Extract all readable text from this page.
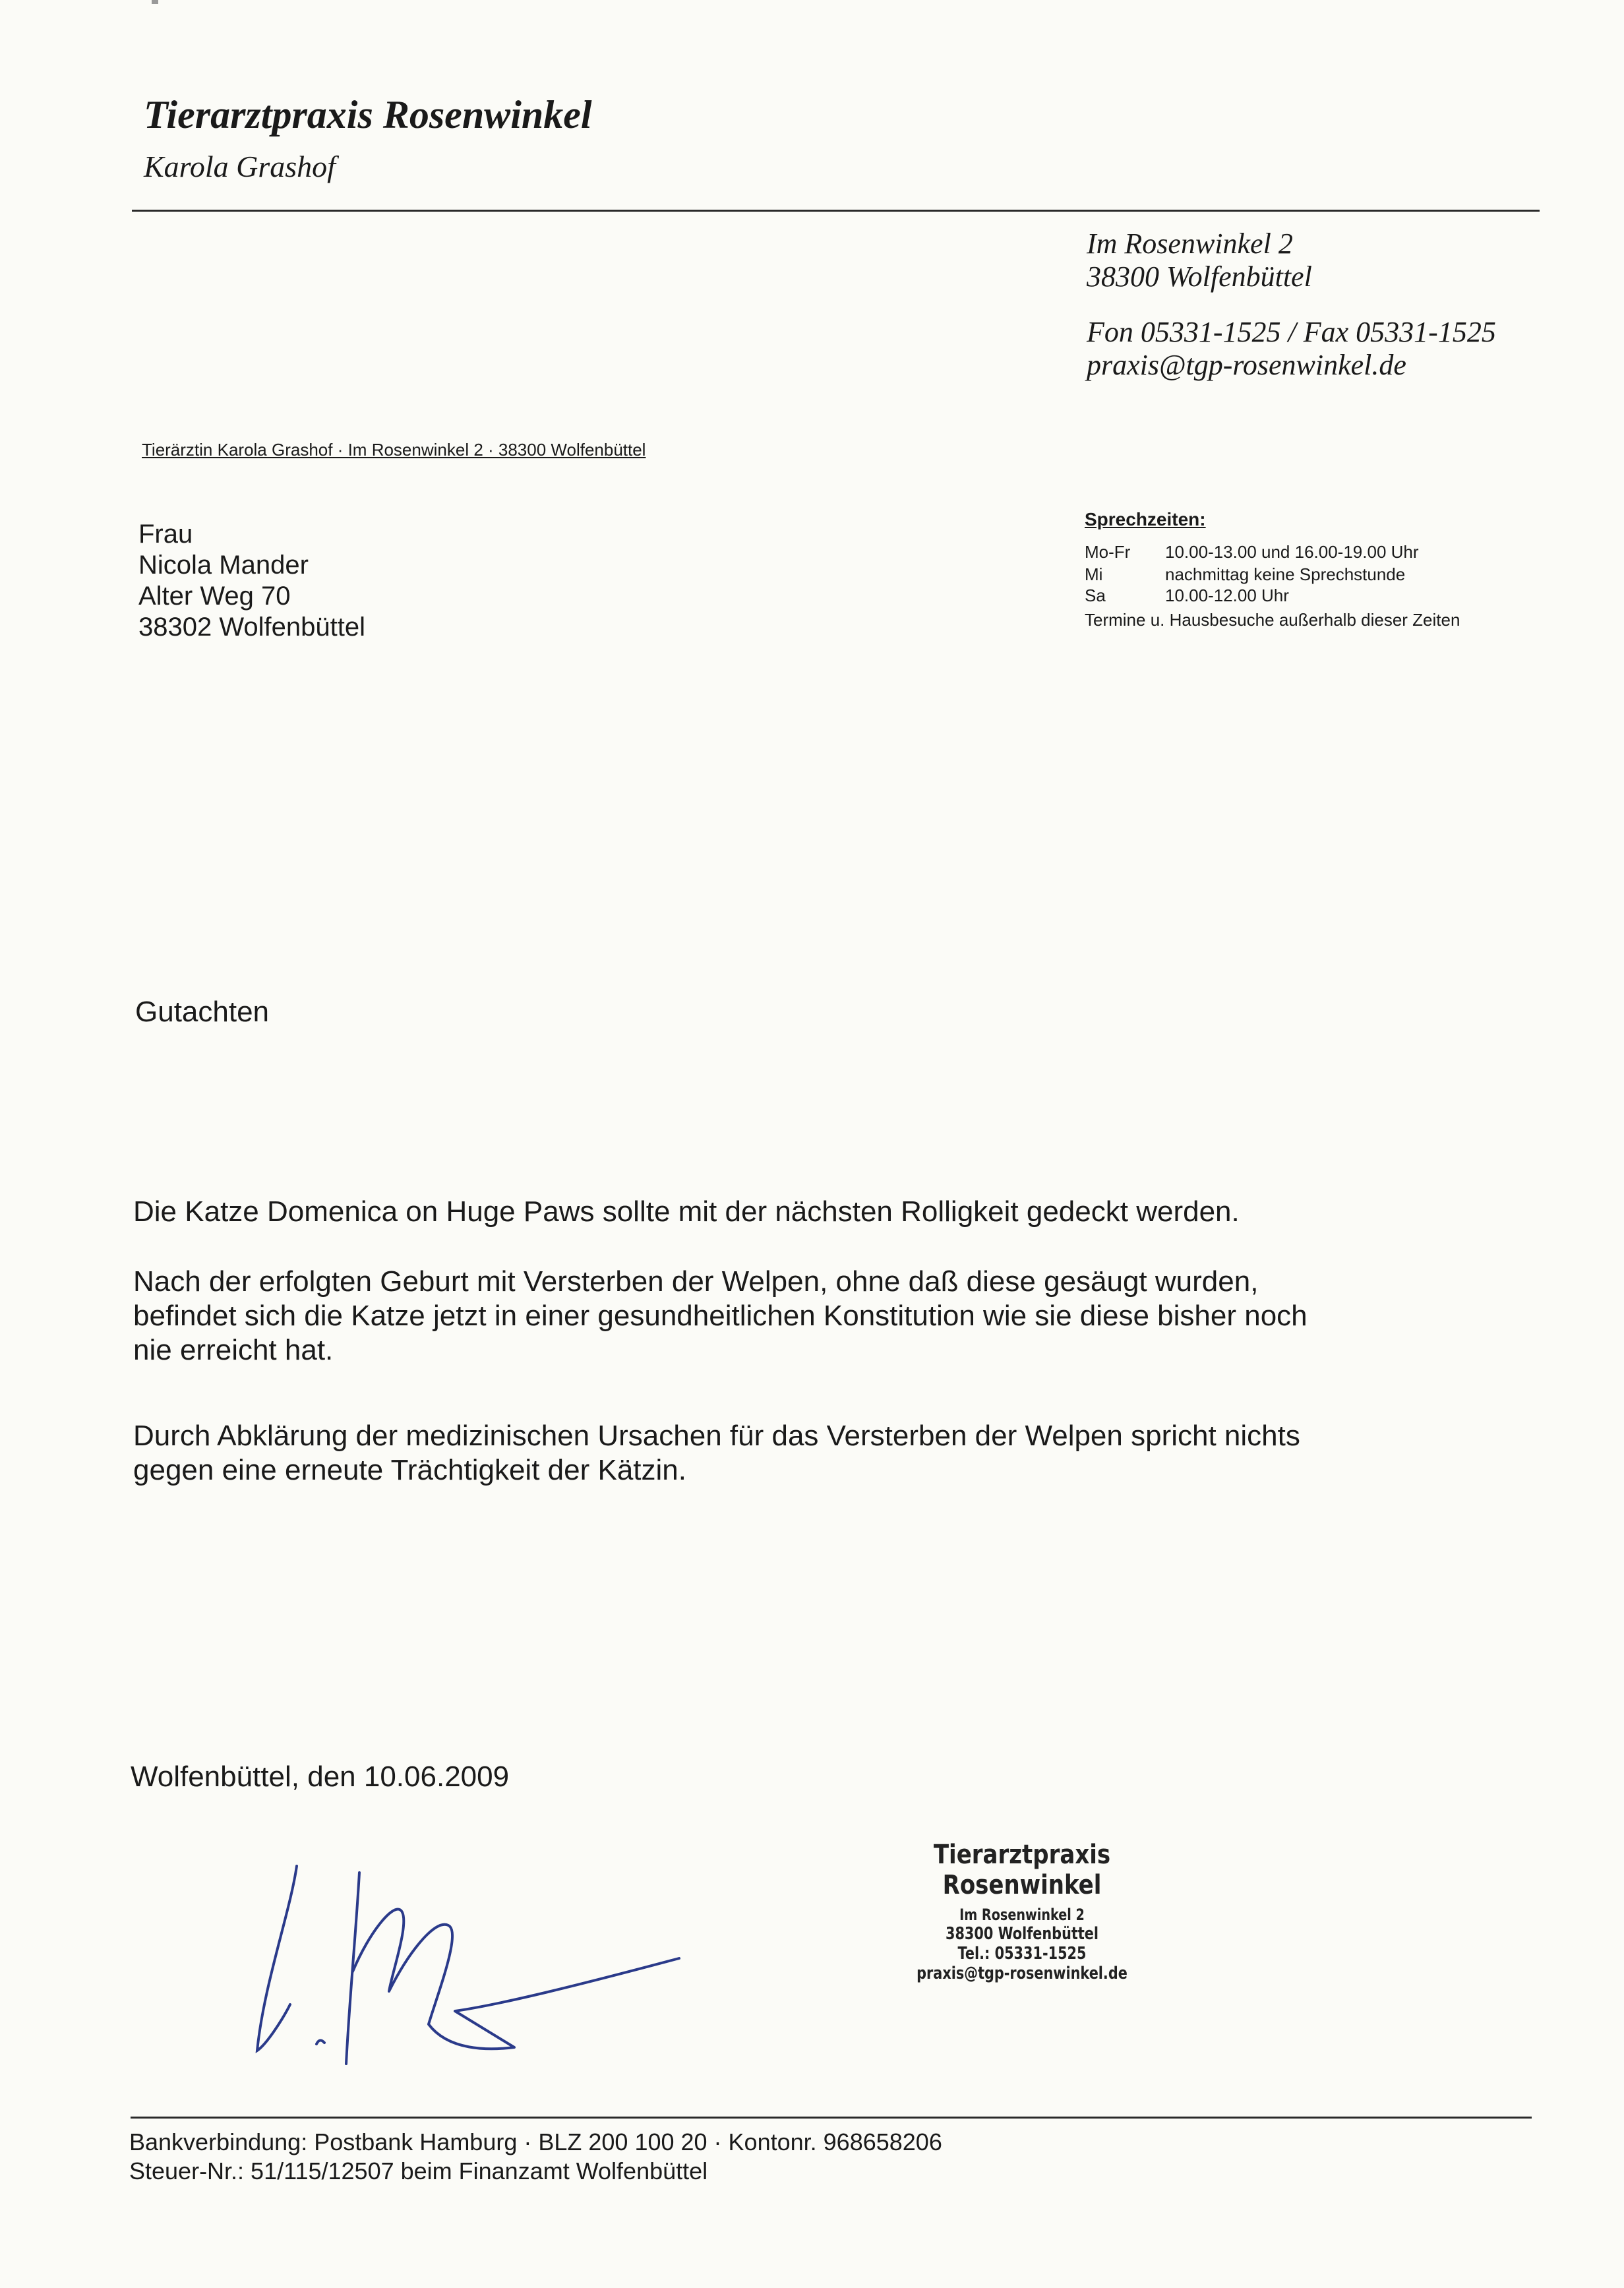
Tierarztpraxis Rosenwinkel
Karola Grashof
Im Rosenwinkel 2
38300 Wolfenbüttel
Fon 05331-1525 / Fax 05331-1525
praxis@tgp-rosenwinkel.de
Tierärztin Karola Grashof · Im Rosenwinkel 2 · 38300 Wolfenbüttel
Frau
Nicola Mander
Alter Weg 70
38302 Wolfenbüttel
Sprechzeiten:
Mo-Fr 10.00-13.00 und 16.00-19.00 Uhr
Mi	nachmittag keine Sprechstunde
Sa	10.00-12.00 Uhr
Termine u. Hausbesuche außerhalb dieser Zeiten
Gutachten
Die Katze Domenica on Huge Paws sollte mit der nächsten Rolligkeit gedeckt werden.
Nach der erfolgten Geburt mit Versterben der Welpen, ohne daß diese gesäugt wurden,
befindet sich die Katze jetzt in einer gesundheitlichen Konstitution wie sie diese bisher noch
nie erreicht hat.
Durch Abklärung der medizinischen Ursachen für das Versterben der Welpen spricht nichts
gegen eine erneute Trächtigkeit der Kätzin.
Wolfenbüttel, den 10.06.2009
Tierarztpraxis Rosenwinkel
Im Rosenwinkel 2
38300 Wolfenbüttel
Tel.: 05331-1525
praxis@tgp-rosenwinkel.de
Bankverbindung: Postbank Hamburg · BLZ 200 100 20 · Kontonr. 968658206
Steuer-Nr.: 51/115/12507 beim Finanzamt Wolfenbüttel
